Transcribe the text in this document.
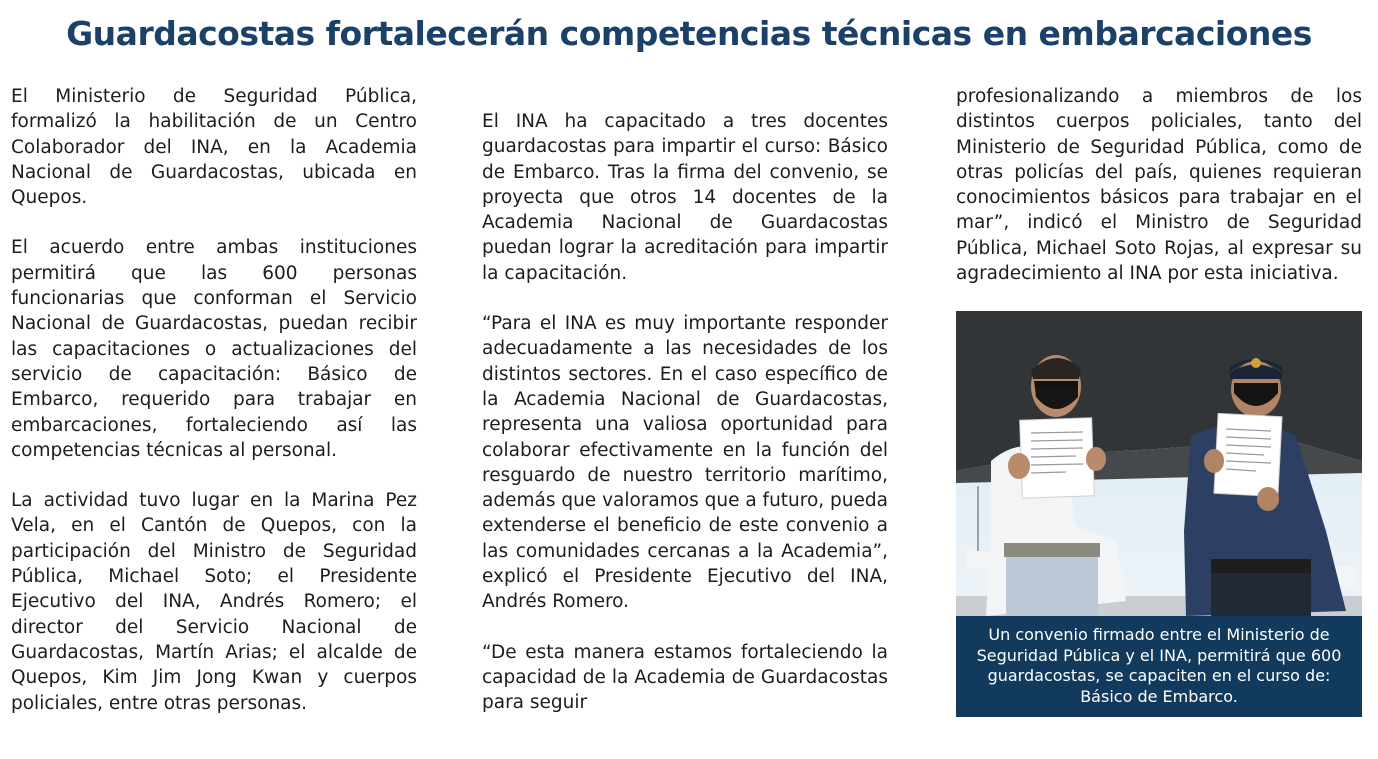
Guardacostas fortalecerán competencias técnicas en embarcaciones

El Ministerio de Seguridad Pública, formalizó la habilitación de un Centro Colaborador del INA, en la Academia Nacional de Guardacostas, ubicada en Quepos.

El acuerdo entre ambas instituciones permitirá que las 600 personas funcionarias que conforman el Servicio Nacional de Guardacostas, puedan recibir las capacitaciones o actualizaciones del servicio de capacitación: Básico de Embarco, requerido para trabajar en embarcaciones, fortaleciendo así las competencias técnicas al personal.

La actividad tuvo lugar en la Marina Pez Vela, en el Cantón de Quepos, con la participación del Ministro de Seguridad Pública, Michael Soto; el Presidente Ejecutivo del INA, Andrés Romero; el director del Servicio Nacional de Guardacostas, Martín Arias; el alcalde de Quepos, Kim Jim Jong Kwan y cuerpos policiales, entre otras personas.

El INA ha capacitado a tres docentes guardacostas para impartir el curso: Básico de Embarco. Tras la firma del convenio, se proyecta que otros 14 docentes de la Academia Nacional de Guardacostas puedan lograr la acreditación para impartir la capacitación.

“Para el INA es muy importante responder adecuadamente a las necesidades de los distintos sectores. En el caso específico de la Academia Nacional de Guardacostas, representa una valiosa oportunidad para colaborar efectivamente en la función del resguardo de nuestro territorio marítimo, además que valoramos que a futuro, pueda extenderse el beneficio de este convenio a las comunidades cercanas a la Academia”, explicó el Presidente Ejecutivo del INA, Andrés Romero.

“De esta manera estamos fortaleciendo la capacidad de la Academia de Guardacostas para seguir

profesionalizando a miembros de los distintos cuerpos policiales, tanto del Ministerio de Seguridad Pública, como de otras policías del país, quienes requieran conocimientos básicos para trabajar en el mar”, indicó el Ministro de Seguridad Pública, Michael Soto Rojas, al expresar su agradecimiento al INA por esta iniciativa.

Un convenio firmado entre el Ministerio de Seguridad Pública y el INA, permitirá que 600 guardacostas, se capaciten en el curso de: Básico de Embarco.
